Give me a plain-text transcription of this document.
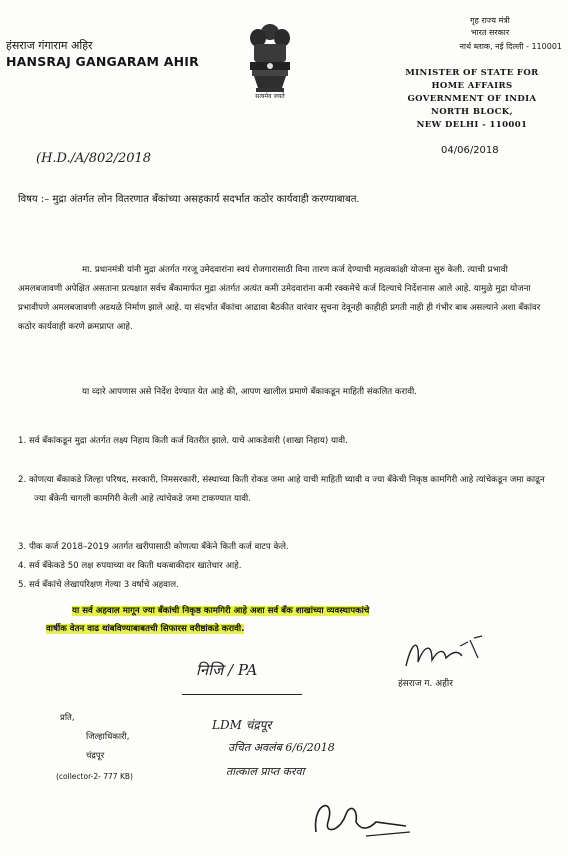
हंसराज गंगाराम अहिर
HANSRAJ GANGARAM AHIR
सत्यमेव जयते
गृह राज्य मंत्री
भारत सरकार
नार्थ ब्लाक, नई दिल्ली - 110001
MINISTER OF STATE FOR
HOME AFFAIRS
GOVERNMENT OF INDIA
NORTH BLOCK,
NEW DELHI - 110001
(H.D./A/802/2018
04/06/2018
विषय :– मुद्रा अंतर्गत लोन वितरणात बँकांच्या असहकार्य सदर्भात कठोर कार्यवाही करण्याबाबत.
मा. प्रधानमंत्री यांनी मुद्रा अंतर्गत गरजू उमेदवारांना स्वयं रोजगारासाठी विना तारण कर्ज देण्याची महत्वकांक्षी योजना सुरु केली. त्याची प्रभावी अमलबजावणी अपेक्षित असताना प्रत्यक्षात सर्वच बँकामार्फत मुद्रा अंतर्गत अत्यंत कमी उमेदवारांना कमी रक्कमेचे कर्ज दिल्याचे निर्देशनास आले आहे. यामुळे मुद्रा योजना प्रभावीपणे अमलबजावणी अडथळे निर्माण झाले आहे. या संदर्भात बँकांचा आढावा बैठकीत वारंवार सुचना देवूनही काहीही प्रगती नाही ही गंभीर बाब असल्याने अशा बँकांवर कठोर कार्यवाही करणे क्रमप्राप्त आहे.
या व्दारे आपणास असे निर्देश देण्यात येत आहे की, आपण खालील प्रमाणे बँकाकडून माहिती संकलित करावी.
1. सर्व बँकांकडून मुद्रा अंतर्गत लक्ष्य निहाय किती कर्ज वितरीत झाले. याचे आकडेवारी (शाखा निहाय) यावी.
2. कोणत्या बँकाकडे जिल्हा परिषद, सरकारी, निमसरकारी, संस्थाच्या किती रोकड जमा आहे याची माहिती घ्यावी व ज्या बँकेची निकृष्ठ कामगिरी आहे त्यांचेकडून जमा काढून ज्या बँकेनी चागली कामगिरी केली आहे त्यांचेकडे जमा टाकण्यात यावी.
3. पीक कर्ज 2018–2019 अतर्गत खरीपासाठी कोणत्या बँकेने किती कर्ज वाटप केले.
4. सर्व बँकेकडे 50 लक्ष रुपयाच्या वर किती थकबाकीदार खातेधार आहे.
5. सर्व बँकांचे लेखापरिक्षण गेल्या 3 वर्षाचे अहवाल.
या सर्व अहवाल मागून ज्या बँकांची निकृष्ठ कामगिरी आहे अशा सर्व बँक शाखांच्या व्यवस्थापकांचे
वार्षीक वेतन वाढ थांबविण्याबाबतची सिफारस वरीष्ठांकडे करावी.
हंसराज ग. अहीर
निजि / PA
प्रति,
जिल्हाधिकारी,
चंद्रपूर
(collector-2- 777 KB)
LDM चंद्रपूर
उचित अवलंब 6/6/2018
तात्काल प्राप्त करवा
